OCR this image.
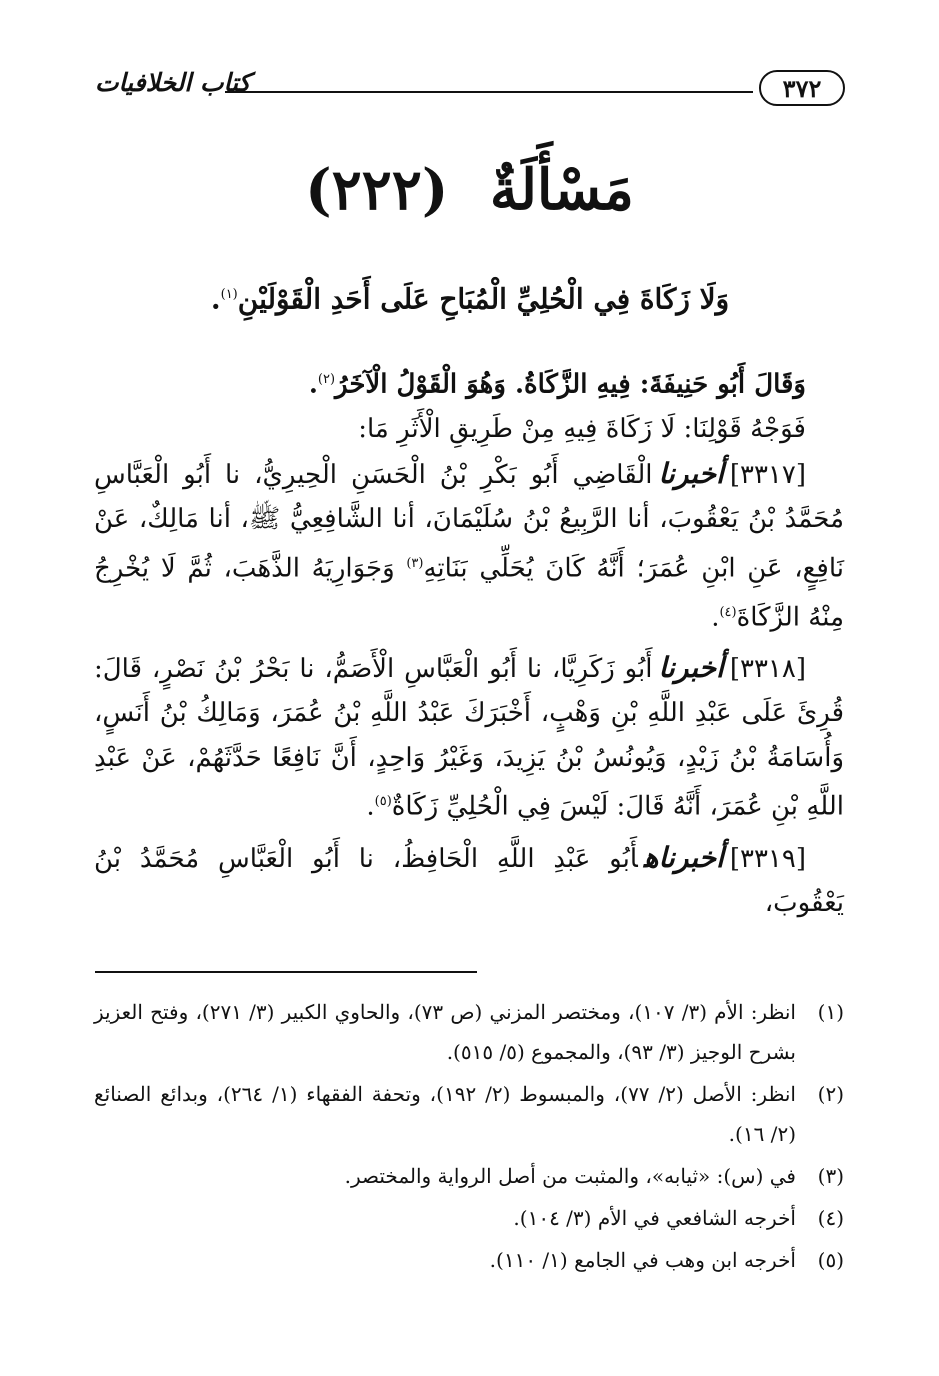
٣٧٢
كتاب الخلافيات
مَسْأَلَةٌ (٢٢٢)
وَلَا زَكَاةَ فِي الْحُلِيِّ الْمُبَاحِ عَلَى أَحَدِ الْقَوْلَيْنِ$^{(١)}$.

وَقَالَ أَبُو حَنِيفَةَ: فِيهِ الزَّكَاةُ. وَهُوَ الْقَوْلُ الْآخَرُ$^{(٢)}$.

فَوَجْهُ قَوْلِنَا: لَا زَكَاةَ فِيهِ مِنْ طَرِيقِ الْأَثَرِ مَا:

[٣٣١٧]أخبرناالْقَاضِي أَبُو بَكْرِ بْنُ الْحَسَنِ الْحِيرِيُّ، نا أَبُو الْعَبَّاسِ مُحَمَّدُ بْنُ يَعْقُوبَ، أنا الرَّبِيعُ بْنُ سُلَيْمَانَ، أنا الشَّافِعِيُّ ﷺ، أنا مَالِكٌ، عَنْ نَافِعٍ، عَنِ ابْنِ عُمَرَ؛ أَنَّهُ كَانَ يُحَلِّي بَنَاتِهِ$^{(٣)}$ وَجَوَارِيَهُ الذَّهَبَ، ثُمَّ لَا يُخْرِجُ مِنْهُ الزَّكَاةَ$^{(٤)}$.

[٣٣١٨]أخبرناأَبُو زَكَرِيَّا، نا أَبُو الْعَبَّاسِ الْأَصَمُّ، نا بَحْرُ بْنُ نَصْرٍ، قَالَ: قُرِئَ عَلَى عَبْدِ اللَّهِ بْنِ وَهْبٍ، أَخْبَرَكَ عَبْدُ اللَّهِ بْنُ عُمَرَ، وَمَالِكُ بْنُ أَنَسٍ، وَأُسَامَةُ بْنُ زَيْدٍ، وَيُونُسُ بْنُ يَزِيدَ، وَغَيْرُ وَاحِدٍ، أَنَّ نَافِعًا حَدَّثَهُمْ، عَنْ عَبْدِ اللَّهِ بْنِ عُمَرَ، أَنَّهُ قَالَ: لَيْسَ فِي الْحُلِيِّ زَكَاةٌ$^{(٥)}$.

[٣٣١٩]أخبرناهأَبُو عَبْدِ اللَّهِ الْحَافِظُ، نا أَبُو الْعَبَّاسِ مُحَمَّدُ بْنُ يَعْقُوبَ،

(١)
انظر: الأم (٣/ ١٠٧)، ومختصر المزني (ص ٧٣)، والحاوي الكبير (٣/ ٢٧١)، وفتح العزيز بشرح الوجيز (٣/ ٩٣)، والمجموع (٥/ ٥١٥).
(٢)
انظر: الأصل (٢/ ٧٧)، والمبسوط (٢/ ١٩٢)، وتحفة الفقهاء (١/ ٢٦٤)، وبدائع الصنائع (٢/ ١٦).
(٣)
في (س): «ثيابه»، والمثبت من أصل الرواية والمختصر.
(٤)
أخرجه الشافعي في الأم (٣/ ١٠٤).
(٥)
أخرجه ابن وهب في الجامع (١/ ١١٠).
